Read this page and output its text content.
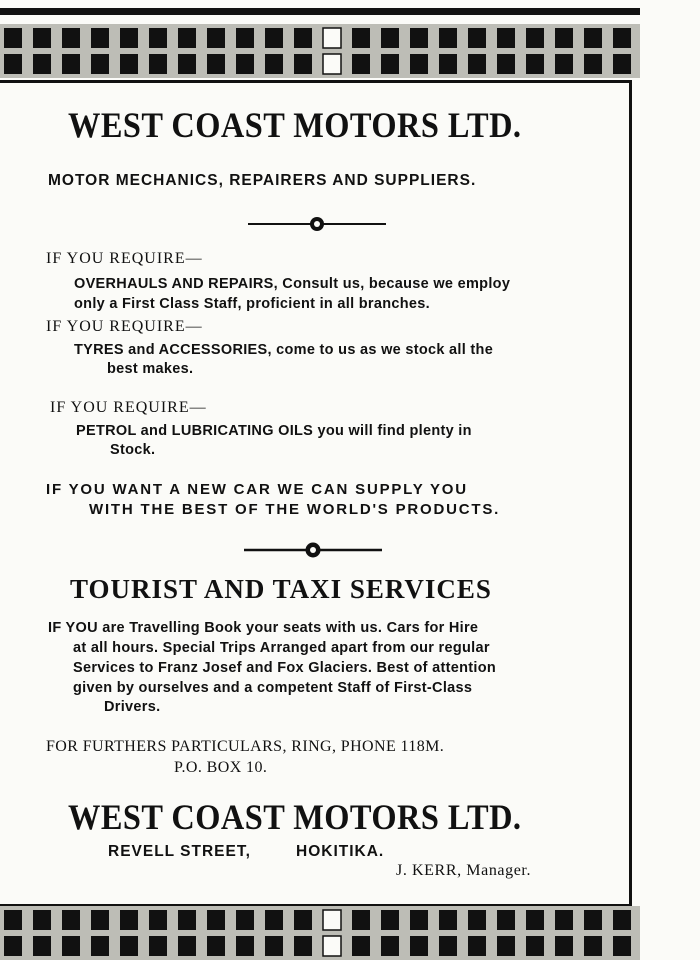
WEST COAST MOTORS LTD.
MOTOR MECHANICS, REPAIRERS AND SUPPLIERS.
IF YOU REQUIRE—
OVERHAULS AND REPAIRS, Consult us, because we employ
only a First Class Staff, proficient in all branches.
IF YOU REQUIRE—
TYRES and ACCESSORIES, come to us as we stock all the
best makes.
IF YOU REQUIRE—
PETROL and LUBRICATING OILS you will find plenty in
Stock.
IF YOU WANT A NEW CAR WE CAN SUPPLY YOU
WITH THE BEST OF THE WORLD'S PRODUCTS.
TOURIST AND TAXI SERVICES
IF YOU are Travelling Book your seats with us. Cars for Hire
at all hours. Special Trips Arranged apart from our regular
Services to Franz Josef and Fox Glaciers. Best of attention
given by ourselves and a competent Staff of First-Class
Drivers.
FOR FURTHERS PARTICULARS, RING, PHONE 118M.
P.O. BOX 10.
WEST COAST MOTORS LTD.
REVELL STREET,	HOKITIKA.
J. KERR, Manager.
